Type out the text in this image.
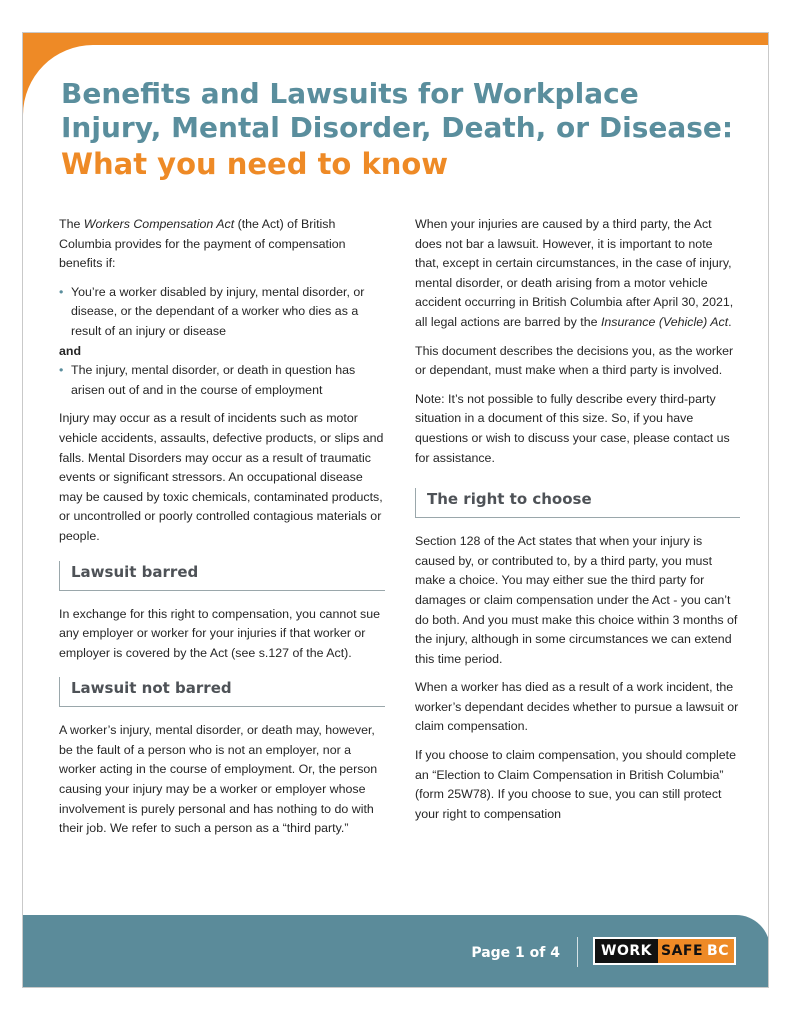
Benefits and Lawsuits for Workplace
Injury, Mental Disorder, Death, or Disease:
What you need to know

The Workers Compensation Act (the Act) of British Columbia provides for the payment of compensation benefits if:

• You’re a worker disabled by injury, mental disorder, or disease, or the dependant of a worker who dies as a result of an injury or disease
and
• The injury, mental disorder, or death in question has arisen out of and in the course of employment

Injury may occur as a result of incidents such as motor vehicle accidents, assaults, defective products, or slips and falls. Mental Disorders may occur as a result of traumatic events or significant stressors. An occupational disease may be caused by toxic chemicals, contaminated products, or uncontrolled or poorly controlled contagious materials or people.

Lawsuit barred

In exchange for this right to compensation, you cannot sue any employer or worker for your injuries if that worker or employer is covered by the Act (see s.127 of the Act).

Lawsuit not barred

A worker’s injury, mental disorder, or death may, however, be the fault of a person who is not an employer, nor a worker acting in the course of employment. Or, the person causing your injury may be a worker or employer whose involvement is purely personal and has nothing to do with their job. We refer to such a person as a “third party.”

When your injuries are caused by a third party, the Act does not bar a lawsuit. However, it is important to note that, except in certain circumstances, in the case of injury, mental disorder, or death arising from a motor vehicle accident occurring in British Columbia after April 30, 2021, all legal actions are barred by the Insurance (Vehicle) Act.

This document describes the decisions you, as the worker or dependant, must make when a third party is involved.

Note: It’s not possible to fully describe every third-party situation in a document of this size. So, if you have questions or wish to discuss your case, please contact us for assistance.

The right to choose

Section 128 of the Act states that when your injury is caused by, or contributed to, by a third party, you must make a choice. You may either sue the third party for damages or claim compensation under the Act - you can’t do both. And you must make this choice within 3 months of the injury, although in some circumstances we can extend this time period.

When a worker has died as a result of a work incident, the worker’s dependant decides whether to pursue a lawsuit or claim compensation.

If you choose to claim compensation, you should complete an “Election to Claim Compensation in British Columbia” (form 25W78). If you choose to sue, you can still protect your right to compensation

Page 1 of 4	WORK SAFE BC
